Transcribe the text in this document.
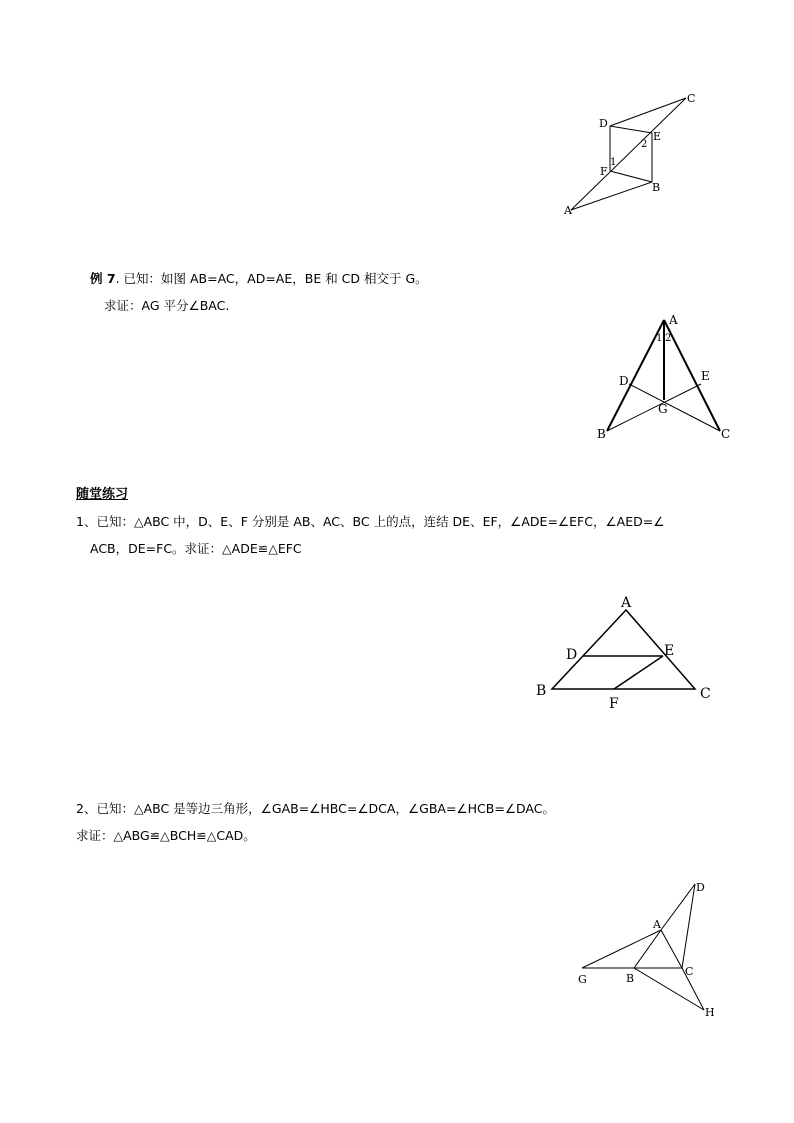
C
D
E
2
1
F
B
A
例 7. 已知：如图 AB=AC，AD=AE，BE 和 CD 相交于 G。
求证：AG 平分∠BAC.
A
1 2
D	E
G
B	C
随堂练习
1、已知：△ABC 中，D、E、F 分别是 AB、AC、BC 上的点，连结 DE、EF，∠ADE=∠EFC，∠AED=∠
ACB，DE=FC。求证：△ADE≌△EFC
A
D	E
B	C
F
2、已知：△ABC 是等边三角形，∠GAB=∠HBC=∠DCA，∠GBA=∠HCB=∠DAC。
求证：△ABG≌△BCH≌△CAD。
D
A
G	B
C
H
